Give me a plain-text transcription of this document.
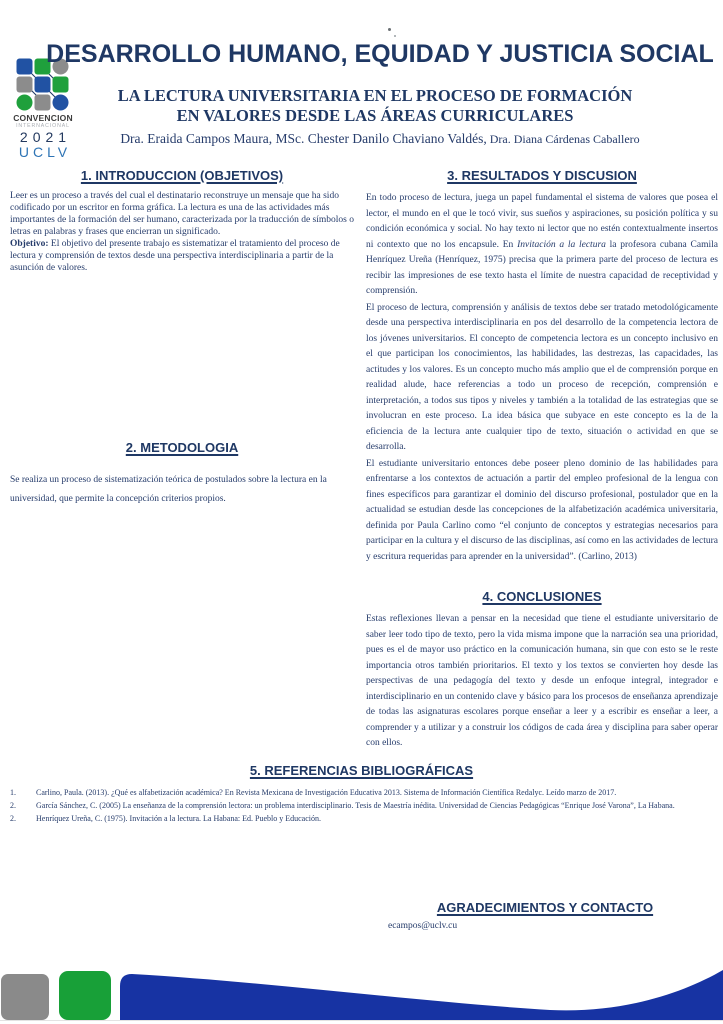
CONVENCION
INTERNACIONAL
2021
UCLV
DESARROLLO HUMANO, EQUIDAD Y JUSTICIA SOCIAL
LA LECTURA UNIVERSITARIA EN EL PROCESO DE FORMACIÓN EN VALORES DESDE LAS ÁREAS CURRICULARES

Dra. Eraida Campos Maura, MSc. Chester Danilo Chaviano Valdés, Dra. Diana Cárdenas Caballero

1. INTRODUCCION (OBJETIVOS)

Leer es un proceso a través del cual el destinatario reconstruye un mensaje que ha sido codificado por un escritor en forma gráfica. La lectura es una de las actividades más importantes de la formación del ser humano, caracterizada por la traducción de símbolos o letras en palabras y frases que encierran un significado.

Objetivo: El objetivo del presente trabajo es sistematizar el tratamiento del proceso de lectura y comprensión de textos desde una perspectiva interdisciplinaria a partir de la asunción de valores.

2. METODOLOGIA

Se realiza un proceso de sistematización teórica de postulados sobre la lectura en la universidad, que permite la concepción criterios propios.

3. RESULTADOS Y DISCUSION

En todo proceso de lectura, juega un papel fundamental el sistema de valores que posea el lector, el mundo en el que le tocó vivir, sus sueños y aspiraciones, su posición política y su condición económica y social. No hay texto ni lector que no estén contextualmente insertos ni contexto que no los encapsule. En Invitación a la lectura la profesora cubana Camila Henríquez Ureña (Henríquez, 1975) precisa que la primera parte del proceso de lectura es recibir las impresiones de ese texto hasta el límite de nuestra capacidad de receptividad y comprensión.

El proceso de lectura, comprensión y análisis de textos debe ser tratado metodológicamente desde una perspectiva interdisciplinaria en pos del desarrollo de la competencia lectora de los jóvenes universitarios. El concepto de competencia lectora es un concepto inclusivo en el que participan los conocimientos, las habilidades, las destrezas, las capacidades, las actitudes y los valores. Es un concepto mucho más amplio que el de comprensión porque en realidad alude, hace referencias a todo un proceso de recepción, comprensión e interpretación, a todos sus tipos y niveles y también a la totalidad de las estrategias que se involucran en este proceso. La idea básica que subyace en este concepto es la de la eficiencia de la lectura ante cualquier tipo de texto, situación o actividad en que se desarrolla.

El estudiante universitario entonces debe poseer pleno dominio de las habilidades para enfrentarse a los contextos de actuación a partir del empleo profesional de la lengua con fines específicos para garantizar el dominio del discurso profesional, postulador que en la actualidad se estudian desde las concepciones de la alfabetización académica universitaria, definida por Paula Carlino como “el conjunto de conceptos y estrategias necesarios para participar en la cultura y el discurso de las disciplinas, así como en las actividades de lectura y escritura requeridas para aprender en la universidad”. (Carlino, 2013)

4. CONCLUSIONES

Estas reflexiones llevan a pensar en la necesidad que tiene el estudiante universitario de saber leer todo tipo de texto, pero la vida misma impone que la narración sea una prioridad, pues es el de mayor uso práctico en la comunicación humana, sin que con esto se le reste importancia otros también prioritarios. El texto y los textos se convierten hoy desde las perspectivas de una pedagogía del texto y desde un enfoque integral, integrador e interdisciplinario en un contenido clave y básico para los procesos de enseñanza aprendizaje de todas las asignaturas escolares porque enseñar a leer y a escribir es enseñar a leer, a comprender y a utilizar y a construir los códigos de cada área y disciplina para saber operar con ellos.

5. REFERENCIAS BIBLIOGRÁFICAS
1.	Carlino, Paula. (2013). ¿Qué es alfabetización académica? En Revista Mexicana de Investigación Educativa 2013. Sistema de Información Científica Redalyc. Leído marzo de 2017.
2.	García Sánchez, C. (2005) La enseñanza de la comprensión lectora: un problema interdisciplinario. Tesis de Maestría inédita. Universidad de Ciencias Pedagógicas “Enrique José Varona”, La Habana.
2.	Henríquez Ureña, C. (1975). Invitación a la lectura. La Habana: Ed. Pueblo y Educación.
AGRADECIMIENTOS Y CONTACTO

ecampos@uclv.cu
